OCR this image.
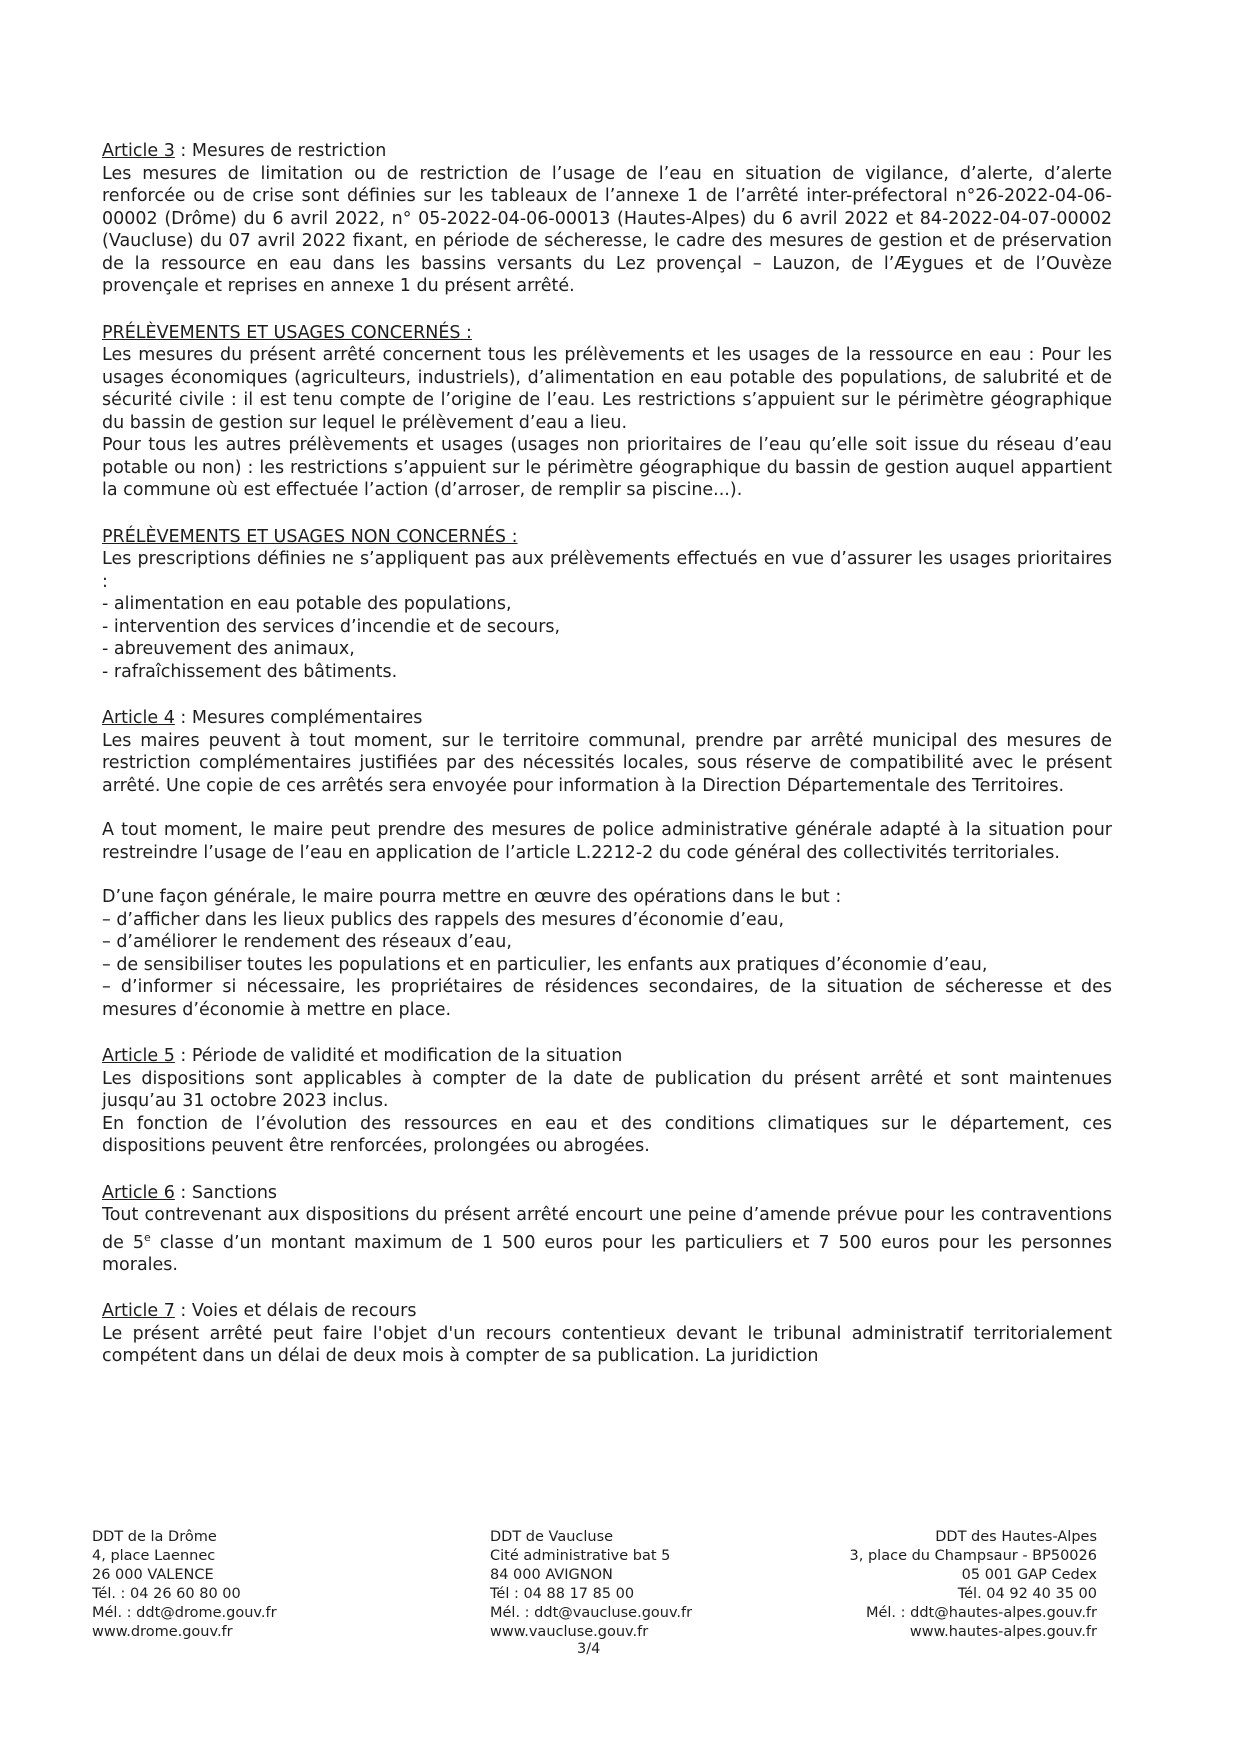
Article 3 : Mesures de restriction

Les mesures de limitation ou de restriction de l’usage de l’eau en situation de vigilance, d’alerte, d’alerte renforcée ou de crise sont définies sur les tableaux de l’annexe 1 de l’arrêté inter-préfectoral n°26-2022-04-06-00002 (Drôme) du 6 avril 2022, n° 05-2022-04-06-00013 (Hautes-Alpes) du 6 avril 2022 et 84-2022-04-07-00002 (Vaucluse) du 07 avril 2022 fixant, en période de sécheresse, le cadre des mesures de gestion et de préservation de la ressource en eau dans les bassins versants du Lez provençal – Lauzon, de l’Æygues et de l’Ouvèze provençale et reprises en annexe 1 du présent arrêté.

PRÉLÈVEMENTS ET USAGES CONCERNÉS :

Les mesures du présent arrêté concernent tous les prélèvements et les usages de la ressource en eau : Pour les usages économiques (agriculteurs, industriels), d’alimentation en eau potable des populations, de salubrité et de sécurité civile : il est tenu compte de l’origine de l’eau. Les restrictions s’appuient sur le périmètre géographique du bassin de gestion sur lequel le prélèvement d’eau a lieu.

Pour tous les autres prélèvements et usages (usages non prioritaires de l’eau qu’elle soit issue du réseau d’eau potable ou non) : les restrictions s’appuient sur le périmètre géographique du bassin de gestion auquel appartient la commune où est effectuée l’action (d’arroser, de remplir sa piscine...).

PRÉLÈVEMENTS ET USAGES NON CONCERNÉS :

Les prescriptions définies ne s’appliquent pas aux prélèvements effectués en vue d’assurer les usages prioritaires :

- alimentation en eau potable des populations,
- intervention des services d’incendie et de secours,
- abreuvement des animaux,
- rafraîchissement des bâtiments.
Article 4 : Mesures complémentaires

Les maires peuvent à tout moment, sur le territoire communal, prendre par arrêté municipal des mesures de restriction complémentaires justifiées par des nécessités locales, sous réserve de compatibilité avec le présent arrêté. Une copie de ces arrêtés sera envoyée pour information à la Direction Départementale des Territoires.

A tout moment, le maire peut prendre des mesures de police administrative générale adapté à la situation pour restreindre l’usage de l’eau en application de l’article L.2212-2 du code général des collectivités territoriales.

D’une façon générale, le maire pourra mettre en œuvre des opérations dans le but :

– d’afficher dans les lieux publics des rappels des mesures d’économie d’eau,
– d’améliorer le rendement des réseaux d’eau,
– de sensibiliser toutes les populations et en particulier, les enfants aux pratiques d’économie d’eau,
– d’informer si nécessaire, les propriétaires de résidences secondaires, de la situation de sécheresse et des mesures d’économie à mettre en place.
Article 5 : Période de validité et modification de la situation

Les dispositions sont applicables à compter de la date de publication du présent arrêté et sont maintenues jusqu’au 31 octobre 2023 inclus.

En fonction de l’évolution des ressources en eau et des conditions climatiques sur le département, ces dispositions peuvent être renforcées, prolongées ou abrogées.

Article 6 : Sanctions

Tout contrevenant aux dispositions du présent arrêté encourt une peine d’amende prévue pour les contraventions de 5e classe d’un montant maximum de 1 500 euros pour les particuliers et 7 500 euros pour les personnes morales.

Article 7 : Voies et délais de recours

Le présent arrêté peut faire l'objet d'un recours contentieux devant le tribunal administratif territorialement compétent dans un délai de deux mois à compter de sa publication. La juridiction

DDT de la Drôme
4, place Laennec
26 000 VALENCE
Tél. : 04 26 60 80 00
Mél. : ddt@drome.gouv.fr
www.drome.gouv.fr
DDT de Vaucluse
Cité administrative bat 5
84 000 AVIGNON
Tél : 04 88 17 85 00
Mél. : ddt@vaucluse.gouv.fr
www.vaucluse.gouv.fr
DDT des Hautes-Alpes
3, place du Champsaur - BP50026
05 001 GAP Cedex
Tél. 04 92 40 35 00
Mél. : ddt@hautes-alpes.gouv.fr
www.hautes-alpes.gouv.fr
3/4
